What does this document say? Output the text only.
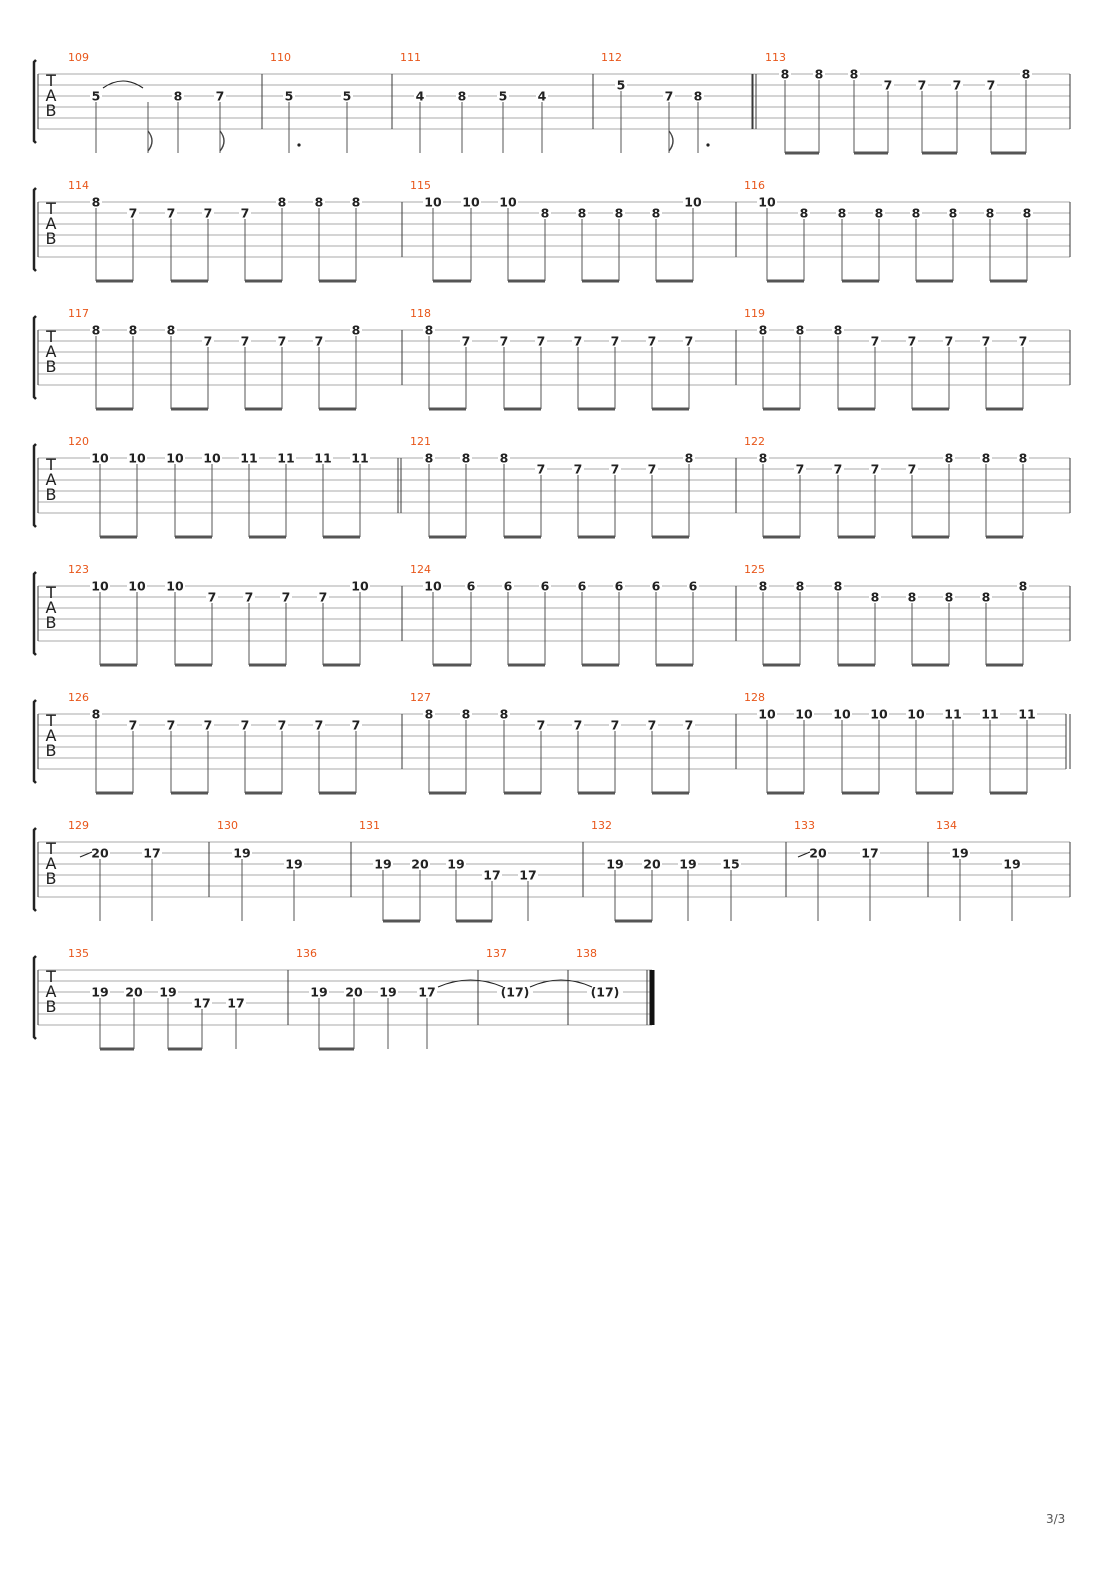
T
A
B
109
5	8	7
110
5	5
111
4	8	5 4
112
5
7 8
113
8 8 8
7 7 7 7
8
T
A
B
114
8
7 7 7 7
8 8 8
115
10 10 10
8 8 8 8
10
116
10
8 8 8 8 8 8 8
T
A
B
117
8 8 8
7 7 7 7
8
118
8
7 7 7 7 7 7 7
119
8 8 8
7 7 7 7 7
T
A
B
120
10 10 10 10 11 11 11 11
121
8 8 8
7 7 7 7
8
122
8
7 7 7 7
8 8 8
T
A
B
123
10 10 10
7 7 7 7
10
124
10 6 6 6 6 6 6 6
125
8 8 8
8 8 8 8
8
T
A
B
126
8
7 7 7 7 7 7 7
127
8 8 8
7 7 7 7 7
128
10 10 10 10 10 11 11 11
T
A
B
129
20	17
130
19
19
131
19 20 19
17 17
132
19 20 19 15
133
20	17
134
19
19
T
A
B
135
19 20 19
17 17
136
19 20 19 17
137
(17)
138
(17)
3/3
